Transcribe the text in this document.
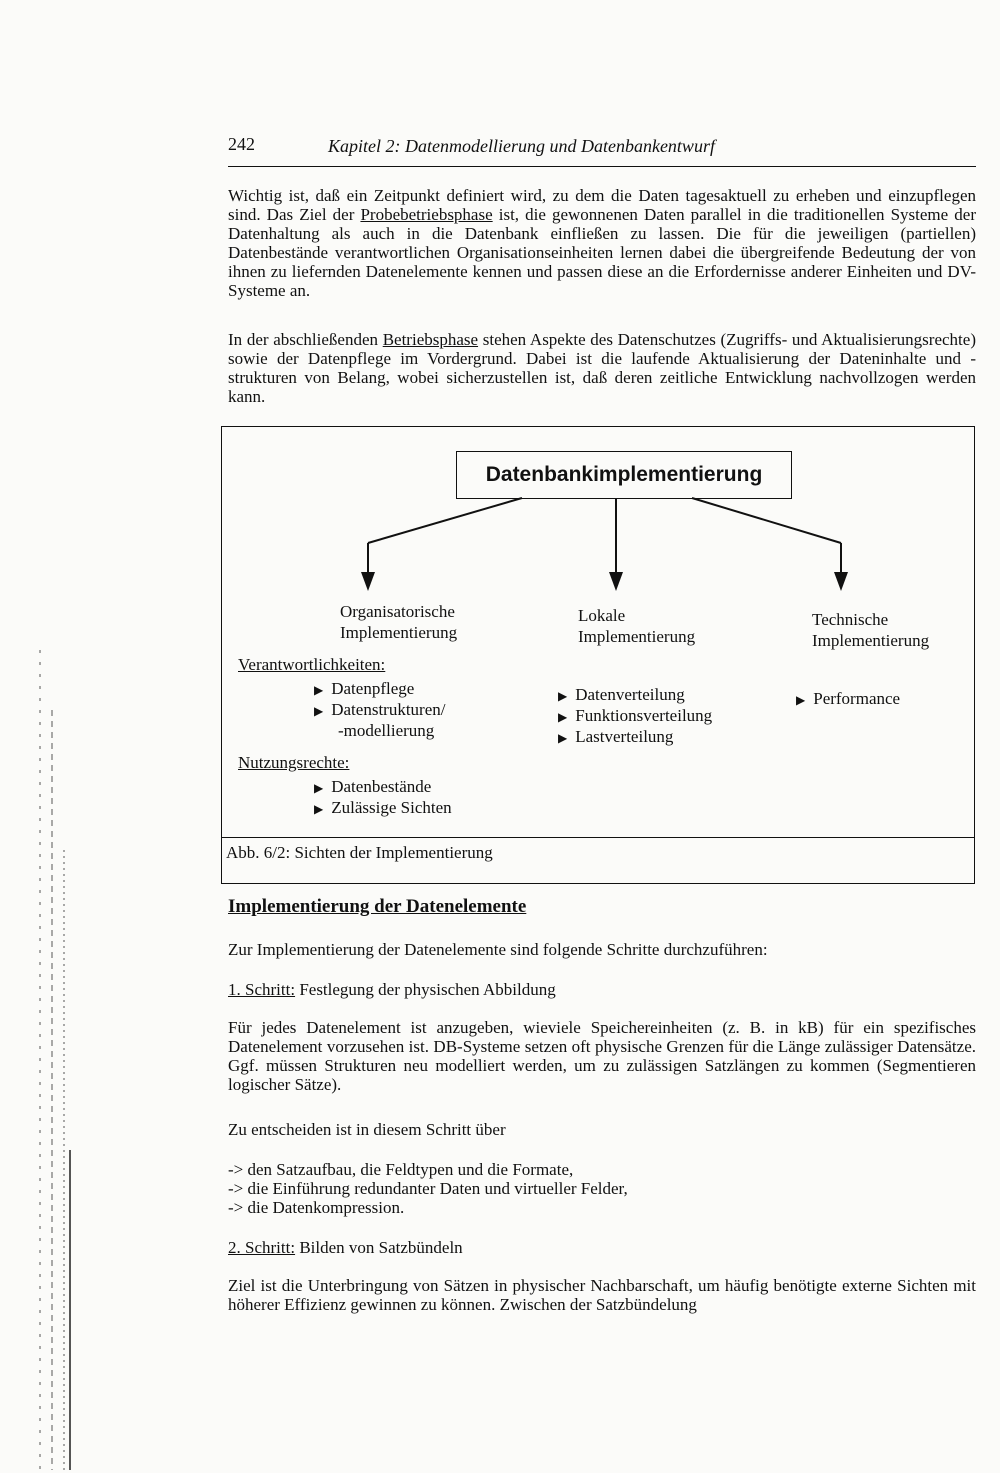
242	Kapitel 2: Datenmodellierung und Datenbankentwurf
Wichtig ist, daß ein Zeitpunkt definiert wird, zu dem die Daten tagesaktuell zu erheben und einzupflegen sind. Das Ziel der Probebetriebsphase ist, die gewonnenen Daten parallel in die traditionellen Systeme der Datenhaltung als auch in die Datenbank einfließen zu lassen. Die für die jeweiligen (partiellen) Datenbestände verantwortlichen Organisationseinheiten lernen dabei die übergreifende Bedeutung der von ihnen zu liefernden Datenelemente kennen und passen diese an die Erfordernisse anderer Einheiten und DV-Systeme an.
In der abschließenden Betriebsphase stehen Aspekte des Datenschutzes (Zugriffs- und Aktualisierungsrechte) sowie der Datenpflege im Vordergrund. Dabei ist die laufende Aktualisierung der Dateninhalte und -strukturen von Belang, wobei sicherzustellen ist, daß deren zeitliche Entwicklung nachvollzogen werden kann.
Datenbankimplementierung
Organisatorische
Implementierung
Lokale
Implementierung
Technische
Implementierung
Verantwortlichkeiten:
▶ Datenpflege
▶ Datenstrukturen/
-modellierung
Nutzungsrechte:
▶ Datenbestände
▶ Zulässige Sichten
▶ Datenverteilung
▶ Funktionsverteilung
▶ Lastverteilung
▶ Performance
Abb. 6/2: Sichten der Implementierung
Implementierung der Datenelemente
Zur Implementierung der Datenelemente sind folgende Schritte durchzuführen:
1. Schritt: Festlegung der physischen Abbildung
Für jedes Datenelement ist anzugeben, wieviele Speichereinheiten (z. B. in kB) für ein spezifisches Datenelement vorzusehen ist. DB-Systeme setzen oft physische Grenzen für die Länge zulässiger Datensätze. Ggf. müssen Strukturen neu modelliert werden, um zu zulässigen Satzlängen zu kommen (Segmentieren logischer Sätze).
Zu entscheiden ist in diesem Schritt über
-> den Satzaufbau, die Feldtypen und die Formate,
-> die Einführung redundanter Daten und virtueller Felder,
-> die Datenkompression.
2. Schritt: Bilden von Satzbündeln
Ziel ist die Unterbringung von Sätzen in physischer Nachbarschaft, um häufig benötigte externe Sichten mit höherer Effizienz gewinnen zu können. Zwischen der Satzbündelung
